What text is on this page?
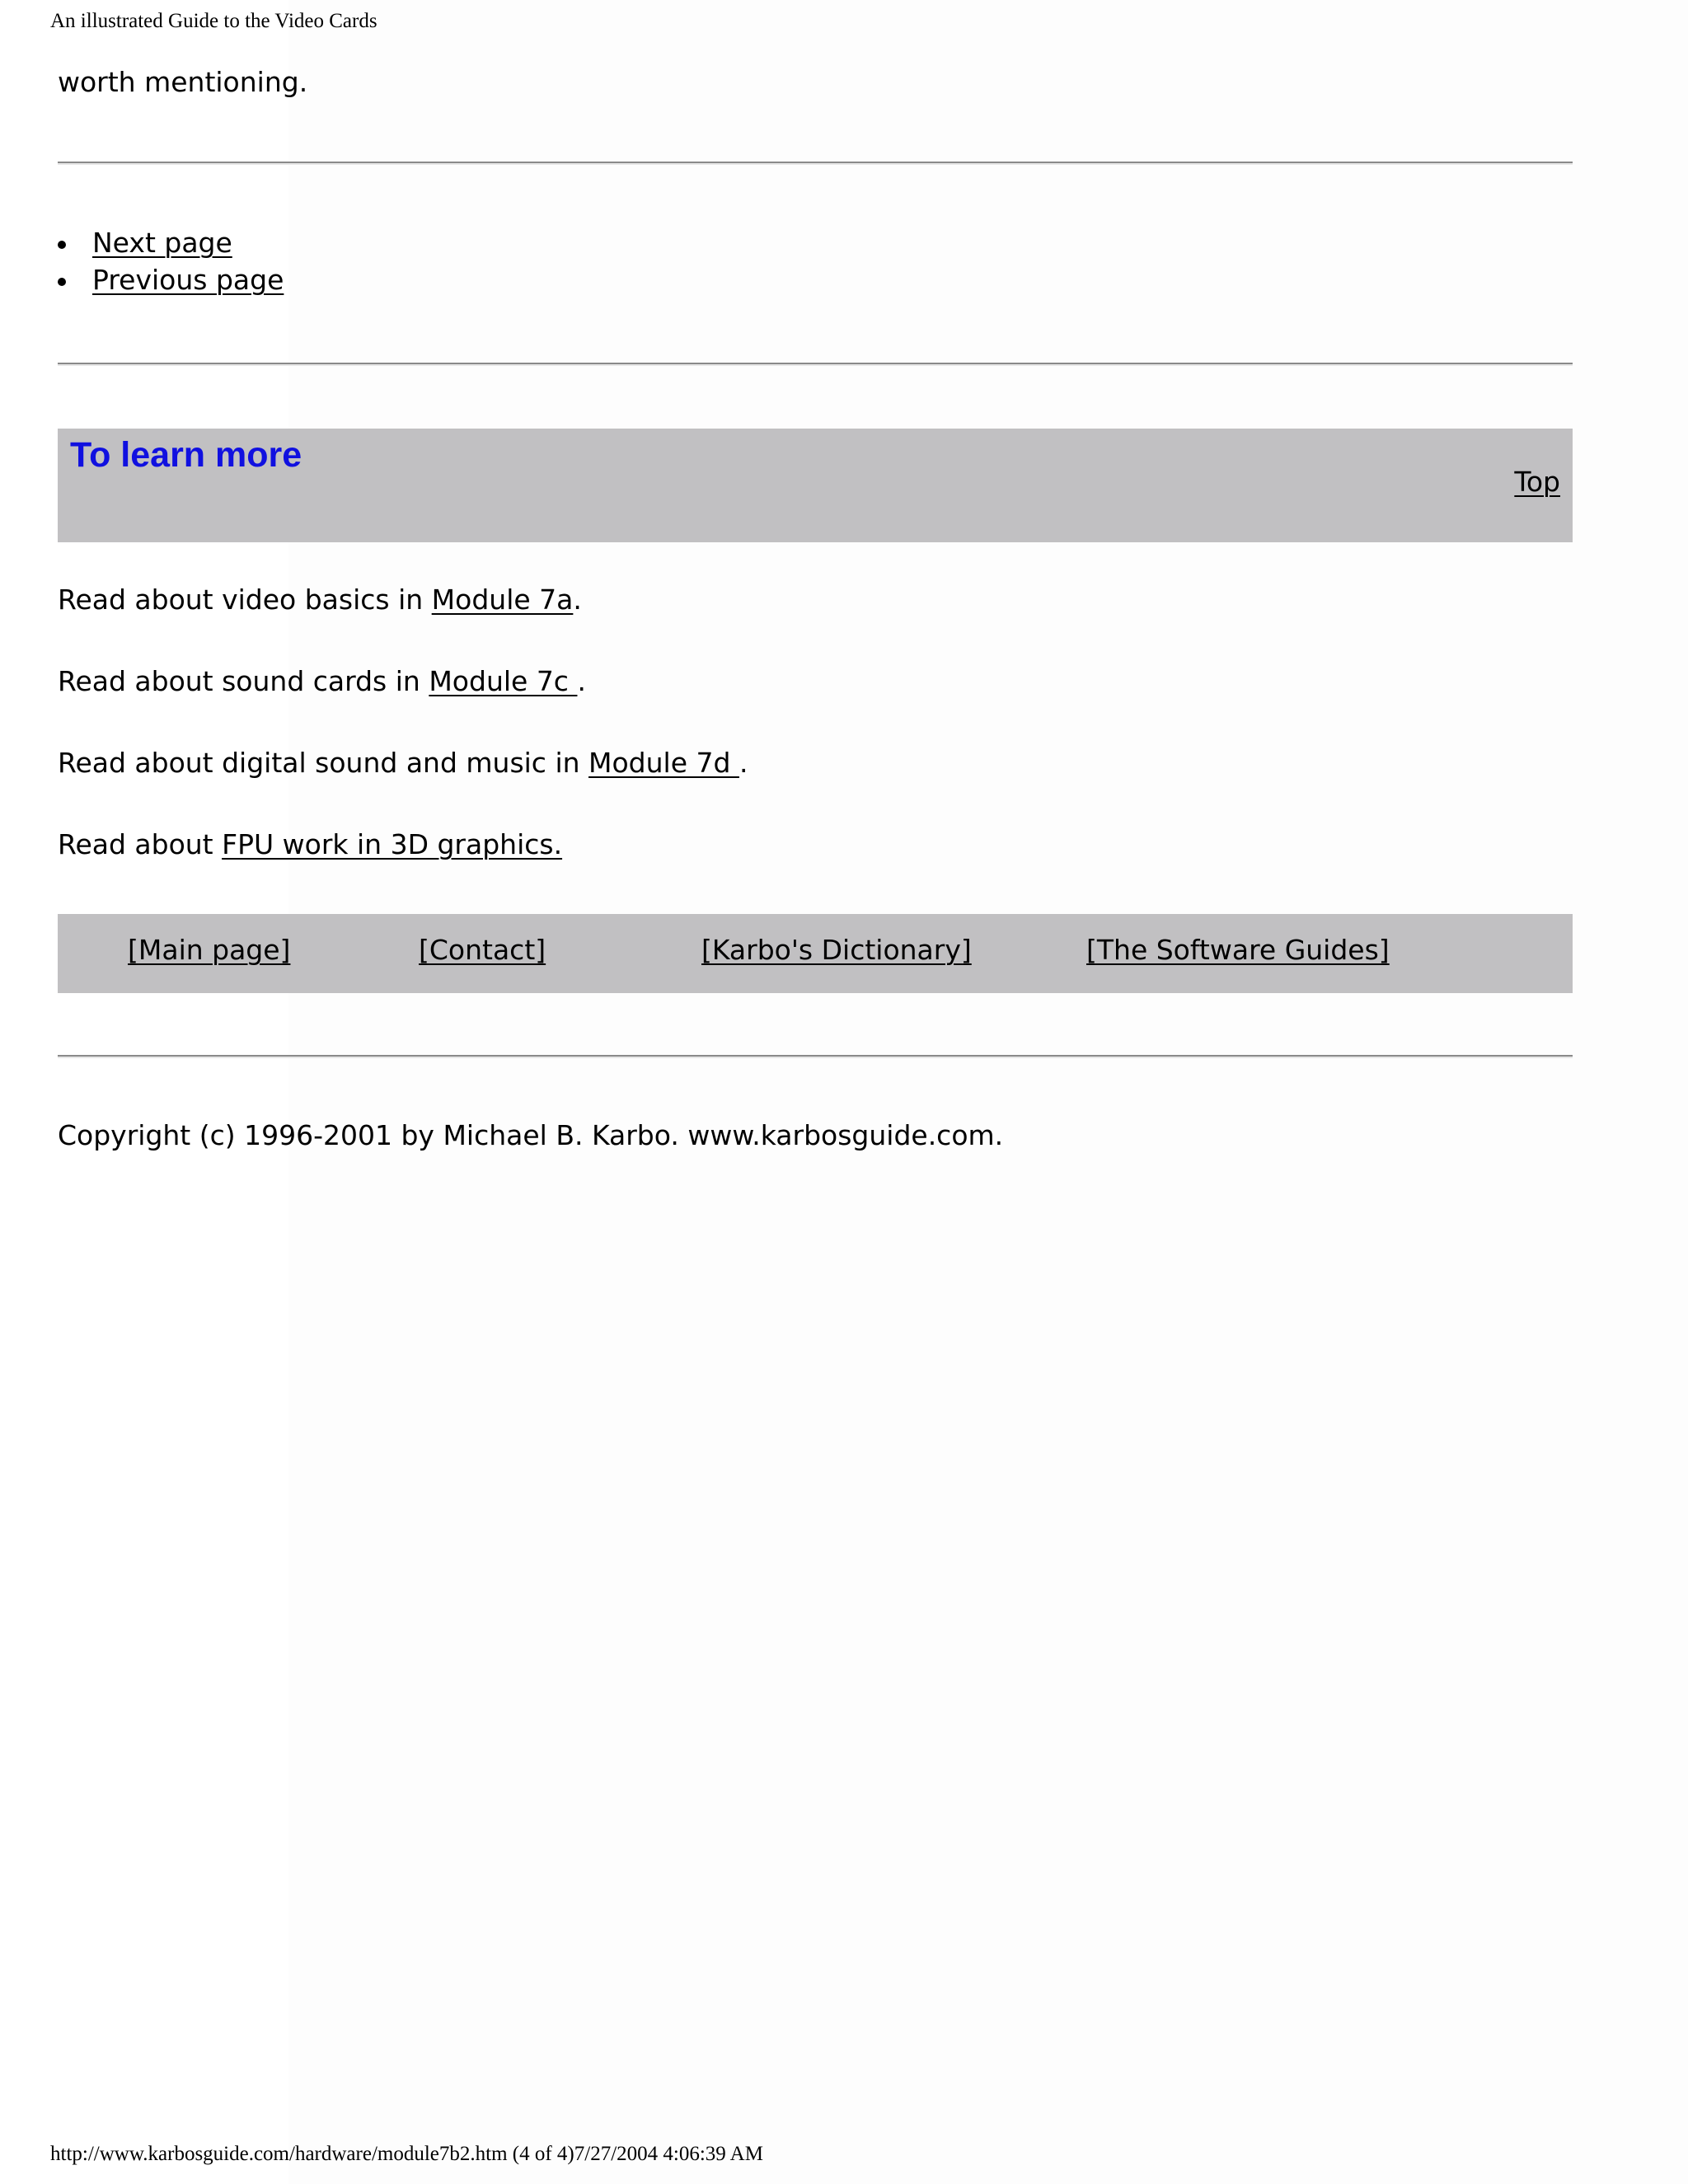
An illustrated Guide to the Video Cards

worth mentioning.

Next page
Previous page
To learn more
Top

Read about video basics in Module 7a.

Read about sound cards in Module 7c .

Read about digital sound and music in Module 7d .

Read about FPU work in 3D graphics.

[Main page]	[Contact]	[Karbo's Dictionary]	[The Software Guides]

Copyright (c) 1996-2001 by Michael B. Karbo. www.karbosguide.com.

http://www.karbosguide.com/hardware/module7b2.htm (4 of 4)7/27/2004 4:06:39 AM
